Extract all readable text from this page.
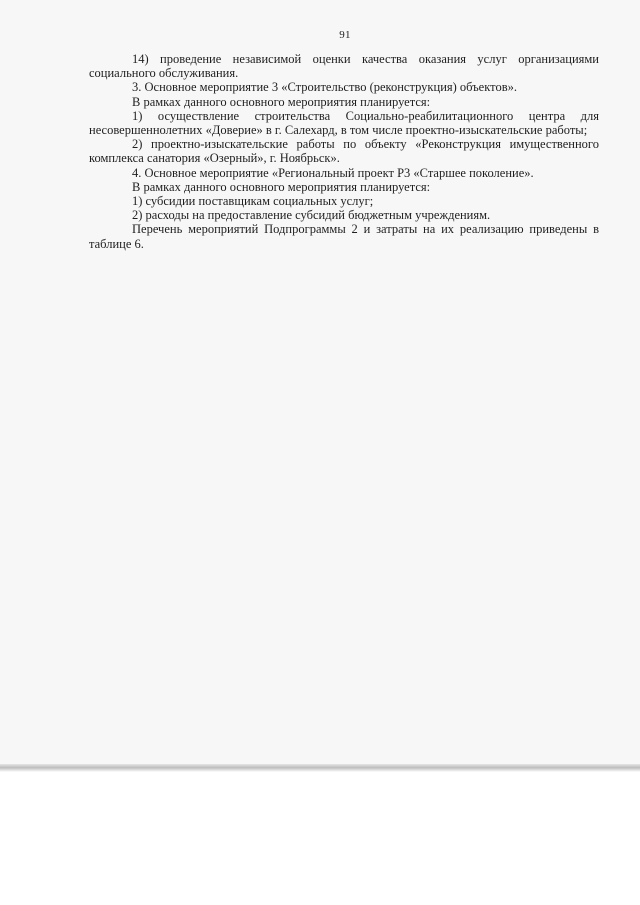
91

14) проведение независимой оценки качества оказания услуг организациями социального обслуживания.

3. Основное мероприятие 3 «Строительство (реконструкция) объектов».

В рамках данного основного мероприятия планируется:

1) осуществление строительства Социально-реабилитационного центра для несовершеннолетних «Доверие» в г. Салехард, в том числе проектно-изыскательские работы;

2) проектно-изыскательские работы по объекту «Реконструкция имущественного комплекса санатория «Озерный», г. Ноябрьск».

4. Основное мероприятие «Региональный проект P3 «Старшее поколение».

В рамках данного основного мероприятия планируется:

1) субсидии поставщикам социальных услуг;

2) расходы на предоставление субсидий бюджетным учреждениям.

Перечень мероприятий Подпрограммы 2 и затраты на их реализацию приведены в таблице 6.
